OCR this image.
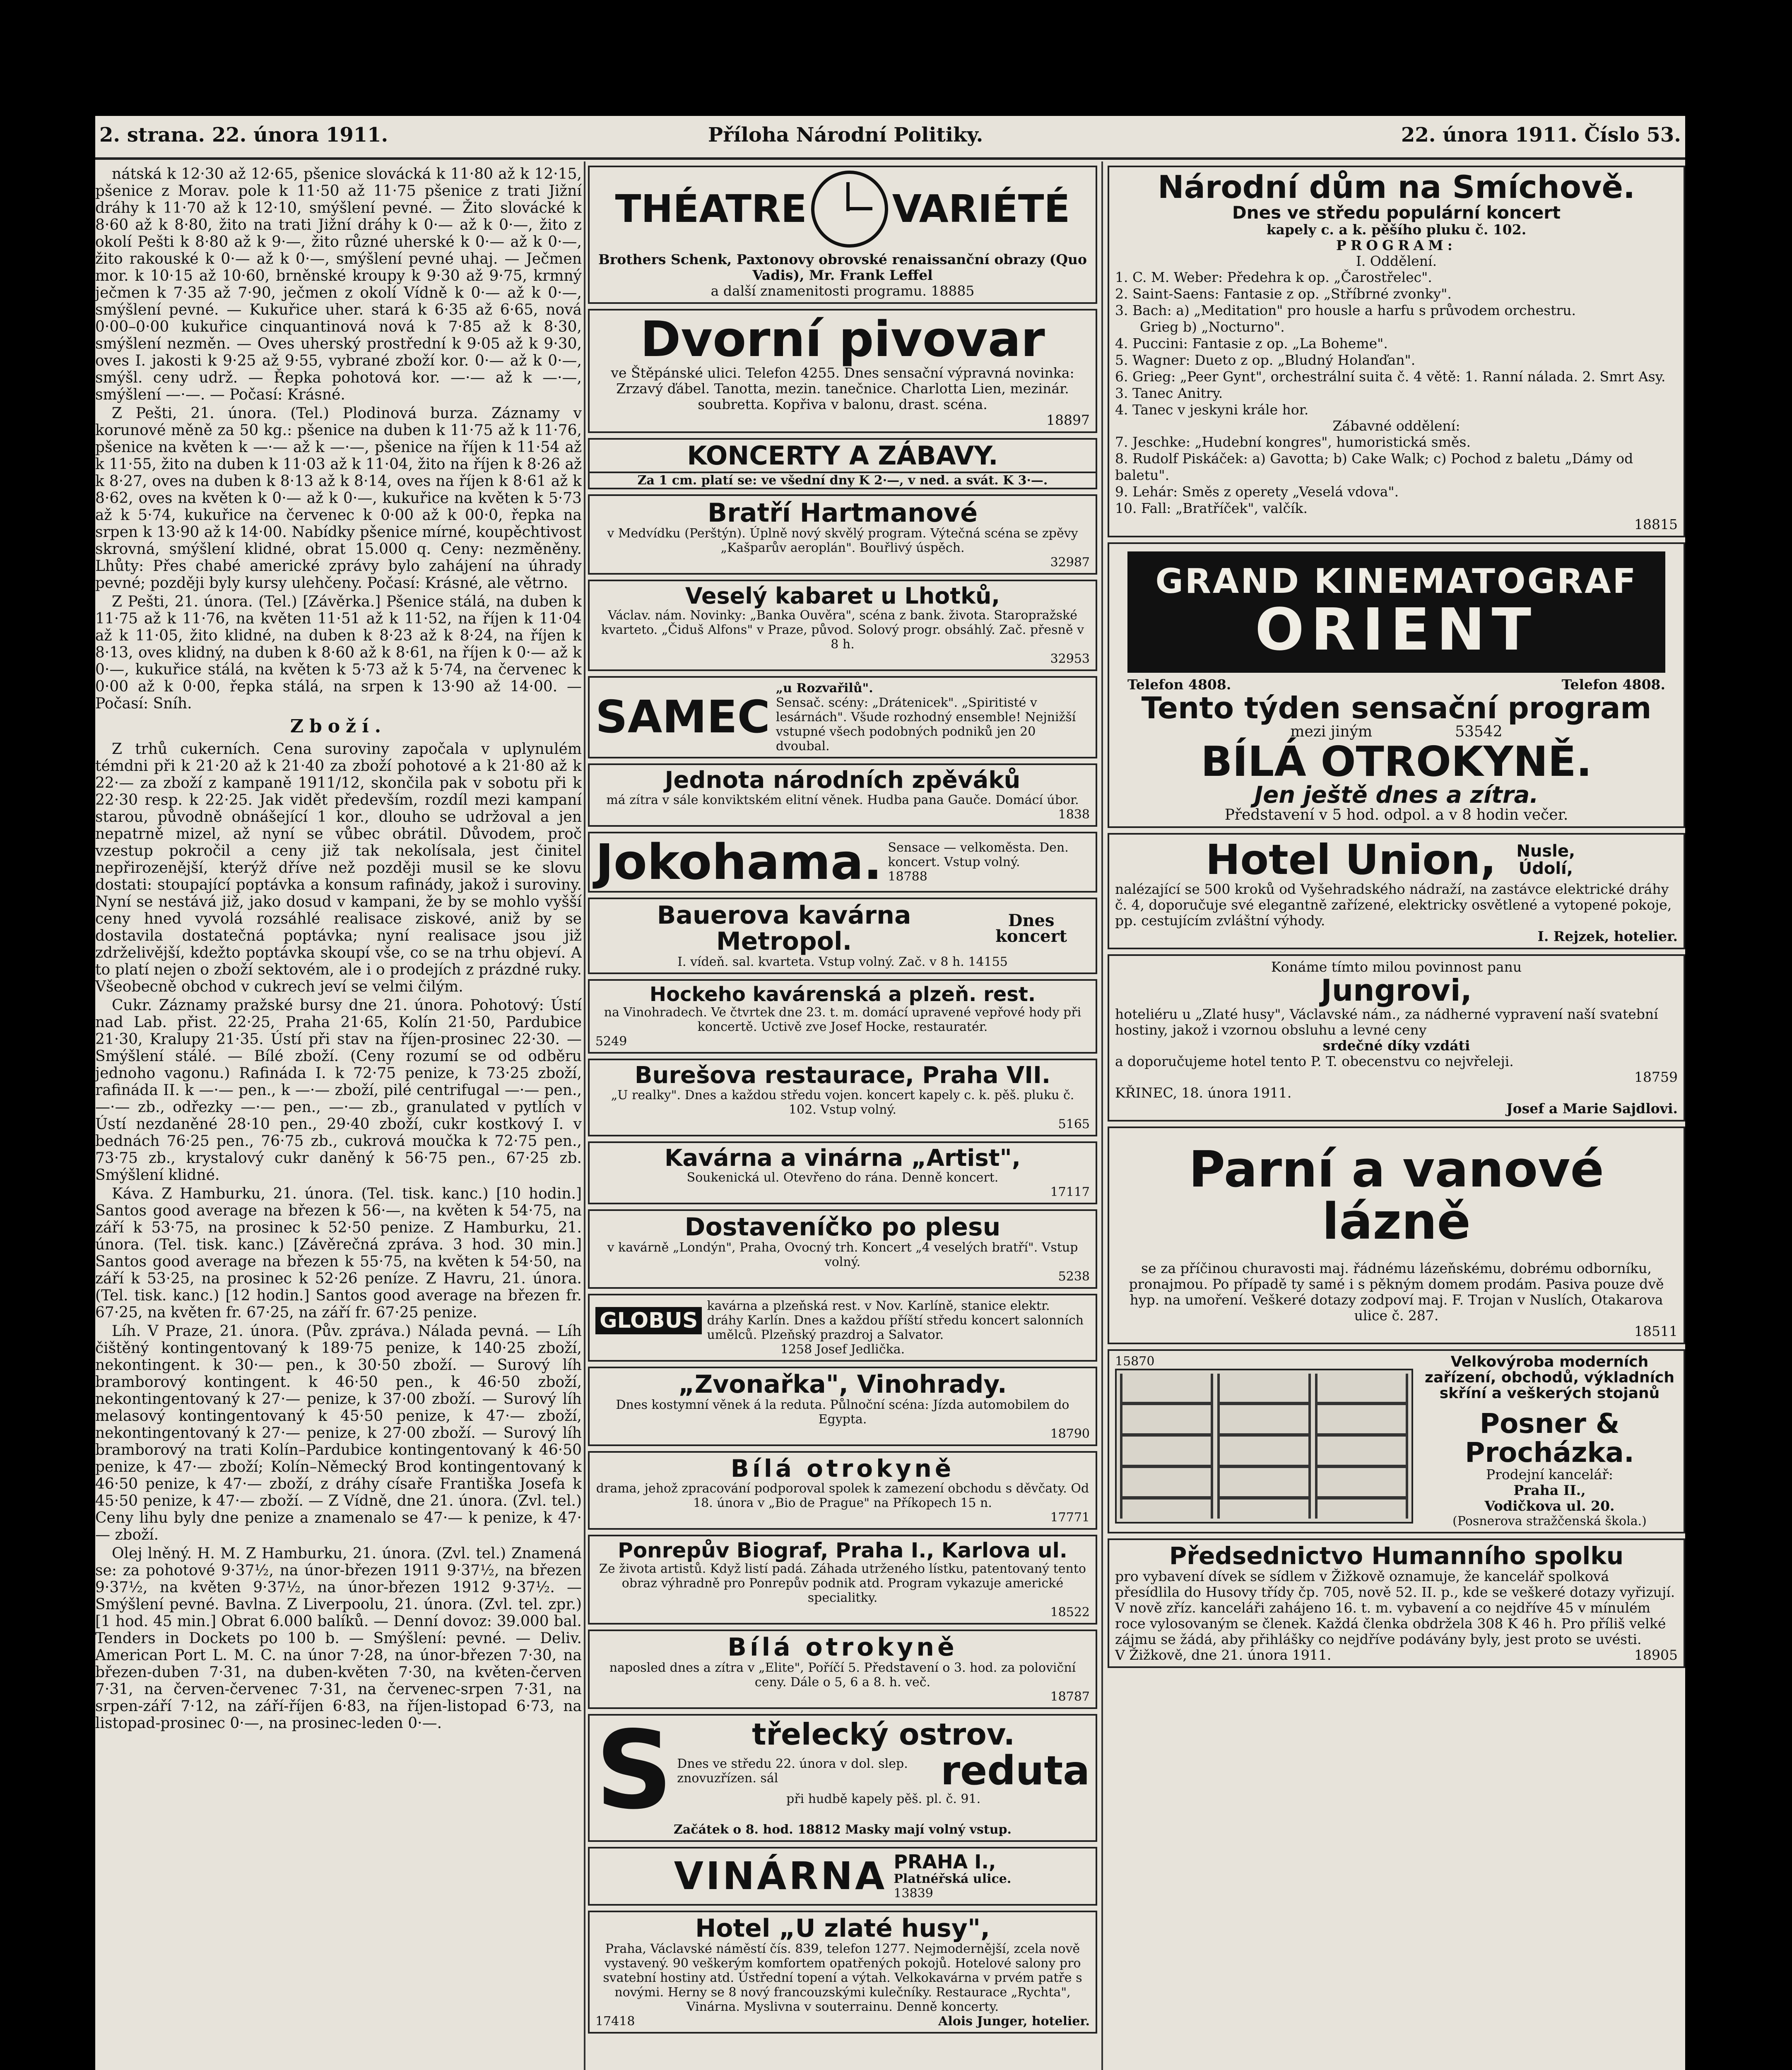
2. strana. 22. února 1911.	Příloha Národní Politiky.	22. února 1911. Číslo 53.

nátská k 12·30 až 12·65, pšenice slovácká k 11·80 až k 12·15, pšenice z Morav. pole k 11·50 až 11·75 pšenice z trati Jižní dráhy k 11·70 až k 12·10, smýšlení pevné. — Žito slovácké k 8·60 až k 8·80, žito na trati Jižní dráhy k 0·— až k 0·—, žito z okolí Pešti k 8·80 až k 9·—, žito různé uherské k 0·— až k 0·—, žito rakouské k 0·— až k 0·—, smýšlení pevné uhaj. — Ječmen mor. k 10·15 až 10·60, brněnské kroupy k 9·30 až 9·75, krmný ječmen k 7·35 až 7·90, ječmen z okolí Vídně k 0·— až k 0·—, smýšlení pevné. — Kukuřice uher. stará k 6·35 až 6·65, nová 0·00–0·00 kukuřice cinquantinová nová k 7·85 až k 8·30, smýšlení nezměn. — Oves uherský prostřední k 9·05 až k 9·30, oves I. jakosti k 9·25 až 9·55, vybrané zboží kor. 0·— až k 0·—, smýšl. ceny udrž. — Řepka pohotová kor. —·— až k —·—, smýšlení —·—. — Počasí: Krásné.

Z Pešti, 21. února. (Tel.) Plodinová burza. Záznamy v korunové měně za 50 kg.: pšenice na duben k 11·75 až k 11·76, pšenice na květen k —·— až k —·—, pšenice na říjen k 11·54 až k 11·55, žito na duben k 11·03 až k 11·04, žito na říjen k 8·26 až k 8·27, oves na duben k 8·13 až k 8·14, oves na říjen k 8·61 až k 8·62, oves na květen k 0·— až k 0·—, kukuřice na květen k 5·73 až k 5·74, kukuřice na červenec k 0·00 až k 00·0, řepka na srpen k 13·90 až k 14·00. Nabídky pšenice mírné, koupěchtivost skrovná, smýšlení klidné, obrat 15.000 q. Ceny: nezměněny. Lhůty: Přes chabé americké zprávy bylo zahájení na úhrady pevné; později byly kursy ulehčeny. Počasí: Krásné, ale větrno.

Z Pešti, 21. února. (Tel.) [Závěrka.] Pšenice stálá, na duben k 11·75 až k 11·76, na květen 11·51 až k 11·52, na říjen k 11·04 až k 11·05, žito klidné, na duben k 8·23 až k 8·24, na říjen k 8·13, oves klidný, na duben k 8·60 až k 8·61, na říjen k 0·— až k 0·—, kukuřice stálá, na květen k 5·73 až k 5·74, na červenec k 0·00 až k 0·00, řepka stálá, na srpen k 13·90 až 14·00. — Počasí: Sníh.

Zboží.

Z trhů cukerních. Cena suroviny započala v uplynulém témdni při k 21·20 až k 21·40 za zboží pohotové a k 21·80 až k 22·— za zboží z kampaně 1911/12, skončila pak v sobotu při k 22·30 resp. k 22·25. Jak vidět především, rozdíl mezi kampaní starou, původně obnášející 1 kor., dlouho se udržoval a jen nepatrně mizel, až nyní se vůbec obrátil. Důvodem, proč vzestup pokročil a ceny již tak nekolísala, jest činitel nepřirozenější, kterýž dříve než později musil se ke slovu dostati: stoupající poptávka a konsum rafinády, jakož i suroviny. Nyní se nestává již, jako dosud v kampani, že by se mohlo vyšší ceny hned vyvolá rozsáhlé realisace ziskové, aniž by se dostavila dostatečná poptávka; nyní realisace jsou již zdrželivější, kdežto poptávka skoupí vše, co se na trhu objeví. A to platí nejen o zboží sektovém, ale i o prodejích z prázdné ruky. Všeobecně obchod v cukrech jeví se velmi čilým.

Cukr. Záznamy pražské bursy dne 21. února. Pohotový: Ústí nad Lab. přist. 22·25, Praha 21·65, Kolín 21·50, Pardubice 21·30, Kralupy 21·35. Ústí při stav na říjen-prosinec 22·30. — Smýšlení stálé. — Bílé zboží. (Ceny rozumí se od odběru jednoho vagonu.) Rafináda I. k 72·75 penize, k 73·25 zboží, rafináda II. k —·— pen., k —·— zboží, pilé centrifugal —·— pen., —·— zb., odřezky —·— pen., —·— zb., granulated v pytlích v Ústí nezdaněné 28·10 pen., 29·40 zboží, cukr kostkový I. v bednách 76·25 pen., 76·75 zb., cukrová moučka k 72·75 pen., 73·75 zb., krystalový cukr daněný k 56·75 pen., 67·25 zb. Smýšlení klidné.

Káva. Z Hamburku, 21. února. (Tel. tisk. kanc.) [10 hodin.] Santos good average na březen k 56·—, na květen k 54·75, na září k 53·75, na prosinec k 52·50 penize. Z Hamburku, 21. února. (Tel. tisk. kanc.) [Závěrečná zpráva. 3 hod. 30 min.] Santos good average na březen k 55·75, na květen k 54·50, na září k 53·25, na prosinec k 52·26 peníze. Z Havru, 21. února. (Tel. tisk. kanc.) [12 hodin.] Santos good average na březen fr. 67·25, na květen fr. 67·25, na září fr. 67·25 penize.

Líh. V Praze, 21. února. (Pův. zpráva.) Nálada pevná. — Líh čištěný kontingentovaný k 189·75 penize, k 140·25 zboží, nekontingent. k 30·— pen., k 30·50 zboží. — Surový líh bramborový kontingent. k 46·50 pen., k 46·50 zboží, nekontingentovaný k 27·— penize, k 37·00 zboží. — Surový líh melasový kontingentovaný k 45·50 penize, k 47·— zboží, nekontingentovaný k 27·— penize, k 27·00 zboží. — Surový líh bramborový na trati Kolín–Pardubice kontingentovaný k 46·50 penize, k 47·— zboží; Kolín–Německý Brod kontingentovaný k 46·50 penize, k 47·— zboží, z dráhy císaře Františka Josefa k 45·50 penize, k 47·— zboží. — Z Vídně, dne 21. února. (Zvl. tel.) Ceny lihu byly dne penize a znamenalo se 47·— k penize, k 47·— zboží.

Olej lněný. H. M. Z Hamburku, 21. února. (Zvl. tel.) Znamená se: za pohotové 9·37½, na únor-březen 1911 9·37½, na březen 9·37½, na květen 9·37½, na únor-březen 1912 9·37½. — Smýšlení pevné. Bavlna. Z Liverpoolu, 21. února. (Zvl. tel. zpr.) [1 hod. 45 min.] Obrat 6.000 balíků. — Denní dovoz: 39.000 bal. Tenders in Dockets po 100 b. — Smýšlení: pevné. — Deliv. American Port L. M. C. na únor 7·28, na únor-březen 7·30, na březen-duben 7·31, na duben-květen 7·30, na květen-červen 7·31, na červen-červenec 7·31, na červenec-srpen 7·31, na srpen-září 7·12, na září-říjen 6·83, na říjen-listopad 6·73, na listopad-prosinec 0·—, na prosinec-leden 0·—.

THÉATRE VARIÉTÉ
Brothers Schenk, Paxtonovy obrovské renaissanční obrazy (Quo Vadis), Mr. Frank Leffel
a další znamenitosti programu. 18885
Dvorní pivovar
ve Štěpánské ulici. Telefon 4255. Dnes sensační výpravná novinka: Zrzavý ďábel. Tanotta, mezin. tanečnice. Charlotta Lien, mezinár. soubretta. Kopřiva v balonu, drast. scéna.
18897
KONCERTY A ZÁBAVY.
Za 1 cm. platí se: ve všední dny K 2·—, v ned. a svát. K 3·—.
Bratří Hartmanové
v Medvídku (Perštýn). Úplně nový skvělý program. Výtečná scéna se zpěvy „Kašparův aeroplán". Bouřlivý úspěch.
32987
Veselý kabaret u Lhotků,
Václav. nám. Novinky: „Banka Ouvěra", scéna z bank. života. Staropražské kvarteto. „Čiduš Alfons" v Praze, původ. Solový progr. obsáhlý. Zač. přesně v 8 h.
32953
SAMEC
„u Rozvařilů".
Sensač. scény: „Drátenicek". „Spiritisté v lesárnách". Všude rozhodný ensemble! Nejnižší vstupné všech podobných podniků jen 20 dvoubal.
Jednota národních zpěváků
má zítra v sále konviktském elitní věnek. Hudba pana Gauče. Domácí úbor.
1838
Jokohama. Sensace — velkoměsta. Den. koncert. Vstup volný.
18788
Bauerova kavárna Metropol.
Dnes koncert
I. vídeň. sal. kvarteta. Vstup volný. Zač. v 8 h. 14155
Hockeho kavárenská a plzeň. rest.
na Vinohradech. Ve čtvrtek dne 23. t. m. domácí upravené vepřové hody při koncertě. Uctivě zve Josef Hocke, restauratér.
5249
Burešova restaurace, Praha VII.
„U realky". Dnes a každou středu vojen. koncert kapely c. k. pěš. pluku č. 102. Vstup volný.
5165
Kavárna a vinárna „Artist",
Soukenická ul. Otevřeno do rána. Denně koncert.
17117
Dostaveníčko po plesu
v kavárně „Londýn", Praha, Ovocný trh. Koncert „4 veselých bratří". Vstup volný.
5238
GLOBUS
kavárna a plzeňská rest. v Nov. Karlíně, stanice elektr. dráhy Karlín. Dnes a každou příští středu koncert salonních umělců. Plzeňský prazdroj a Salvator.
1258 Josef Jedlička.
„Zvonařka", Vinohrady.
Dnes kostymní věnek á la reduta. Půlnoční scéna: Jízda automobilem do Egypta.
18790
Bílá otrokyně
drama, jehož zpracování podporoval spolek k zamezení obchodu s děvčaty. Od 18. února v „Bio de Prague" na Příkopech 15 n.
17771
Ponrepův Biograf, Praha I., Karlova ul.
Ze života artistů. Když listí padá. Záhada utrženého lístku, patentovaný tento obraz výhradně pro Ponrepův podnik atd. Program vykazuje americké specialitky.
18522
Bílá otrokyně
naposled dnes a zítra v „Elite", Poříčí 5. Představení o 3. hod. za poloviční ceny. Dále o 5, 6 a 8. h. več.
18787
S	třelecký ostrov.
Dnes ve středu 22. února v dol. slep. znovuzřízen. sál	reduta
při hudbě kapely pěš. pl. č. 91.
Začátek o 8. hod. 18812 Masky mají volný vstup.
VINÁRNA PRAHA I.,
Platnéřská ulice.
13839
Hotel „U zlaté husy",
Praha, Václavské náměstí čís. 839, telefon 1277. Nejmodernější, zcela nově vystavený. 90 veškerým komfortem opatřených pokojů. Hotelové salony pro svatební hostiny atd. Ústřední topení a výtah. Velkokavárna v prvém patře s novými. Herny se 8 nový francouzskými kulečníky. Restaurace „Rychta", Vinárna. Myslivna v souterrainu. Denně koncerty.
17418	Alois Junger, hotelier.
Národní dům na Smíchově.
Dnes ve středu populární koncert
kapely c. a k. pěšího pluku č. 102.
PROGRAM:
I. Oddělení.
1. C. M. Weber: Předehra k op. „Čarostřelec".
2. Saint-Saens: Fantasie z op. „Stříbrné zvonky".
3. Bach: a) „Meditation" pro housle a harfu s průvodem orchestru.
Grieg b) „Nocturno".
4. Puccini: Fantasie z op. „La Boheme".
5. Wagner: Dueto z op. „Bludný Holanďan".
6. Grieg: „Peer Gynt", orchestrální suita č. 4 větě: 1. Ranní nálada. 2. Smrt Asy. 3. Tanec Anitry.
4. Tanec v jeskyni krále hor.
Zábavné oddělení:
7. Jeschke: „Hudební kongres", humoristická směs.
8. Rudolf Piskáček: a) Gavotta; b) Cake Walk; c) Pochod z baletu „Dámy od baletu".
9. Lehár: Směs z operety „Veselá vdova".
10. Fall: „Bratříček", valčík.
18815
GRAND KINEMATOGRAF
ORIENT
Telefon 4808.	Telefon 4808.
Tento týden sensační program
mezi jiným	53542
BÍLÁ OTROKYNĚ.
Jen ještě dnes a zítra.
Představení v 5 hod. odpol. a v 8 hodin večer.
Hotel Union,	Nusle, Údolí,
nalézající se 500 kroků od Vyšehradského nádraží, na zastávce elektrické dráhy č. 4, doporučuje své elegantně zařízené, elektricky osvětlené a vytopené pokoje, pp. cestujícím zvláštní výhody.
I. Rejzek, hotelier.
Konáme tímto milou povinnost panu
Jungrovi,
hoteliéru u „Zlaté husy", Václavské nám., za nádherné vypravení naší svatební hostiny, jakož i vzornou obsluhu a levné ceny
srdečné díky vzdáti
a doporučujeme hotel tento P. T. obecenstvu co nejvřeleji.
18759
KŘINEC, 18. února 1911.
Josef a Marie Sajdlovi.
Parní a vanové lázně
se za příčinou churavosti maj. řádnému lázeňskému, dobrému odborníku, pronajmou. Po případě ty samé i s pěkným domem prodám. Pasiva pouze dvě hyp. na umoření. Veškeré dotazy zodpoví maj. F. Trojan v Nuslích, Otakarova ulice č. 287.
18511
15870	Velkovýroba moderních zařízení, obchodů, výkladních skříní a veškerých stojanů
Posner &
Procházka.
Prodejní kancelář:
Praha II.,
Vodičkova ul. 20.
(Posnerova stražčenská škola.)
Předsednictvo Humanního spolku
pro vybavení dívek se sídlem v Žižkově oznamuje, že kancelář spolková přesídlila do Husovy třídy čp. 705, nově 52. II. p., kde se veškeré dotazy vyřizují. V nově zříz. kanceláři zahájeno 16. t. m. vybavení a co nejdříve 45 v mínulém roce vylosovaným se členek. Každá členka obdržela 308 K 46 h. Pro příliš velké zájmu se žádá, aby přihlášky co nejdříve podávány byly, jest proto se uvésti.
V Žižkově, dne 21. února 1911.	18905
